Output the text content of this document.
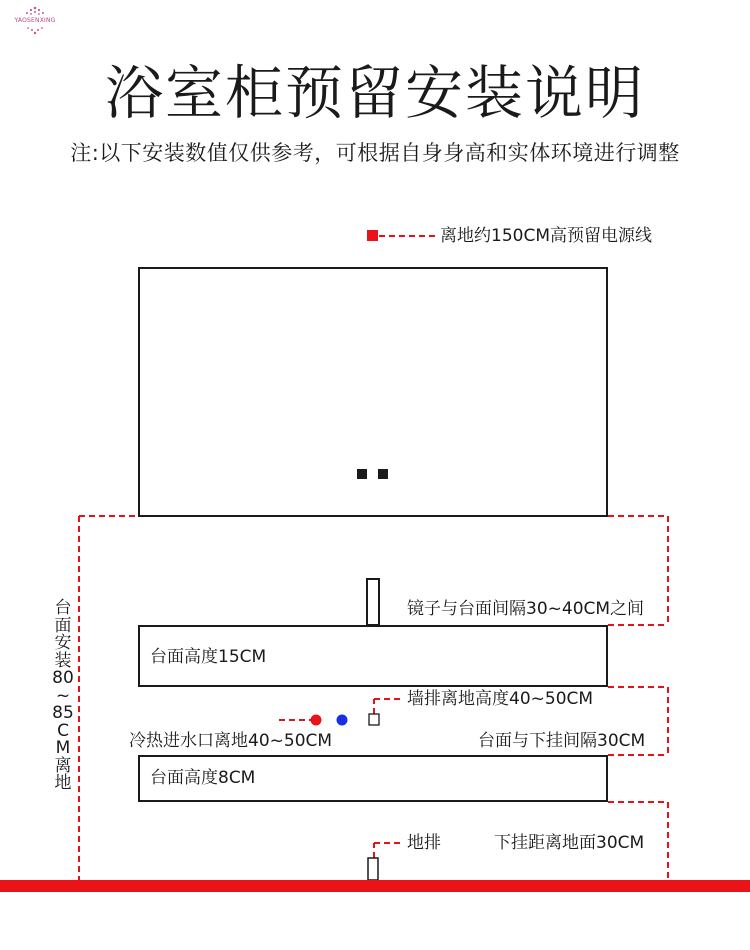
YAOSENXING
浴室柜预留安装说明
注:以下安装数值仅供参考，可根据自身身高和实体环境进行调整
台面高度15CM
台面高度8CM
离地约150CM高预留电源线
镜子与台面间隔30~40CM之间
墙排离地高度40~50CM
冷热进水口离地40~50CM	台面与下挂间隔30CM
地排	下挂距离地面30CM
台面安装80~85CM离地
